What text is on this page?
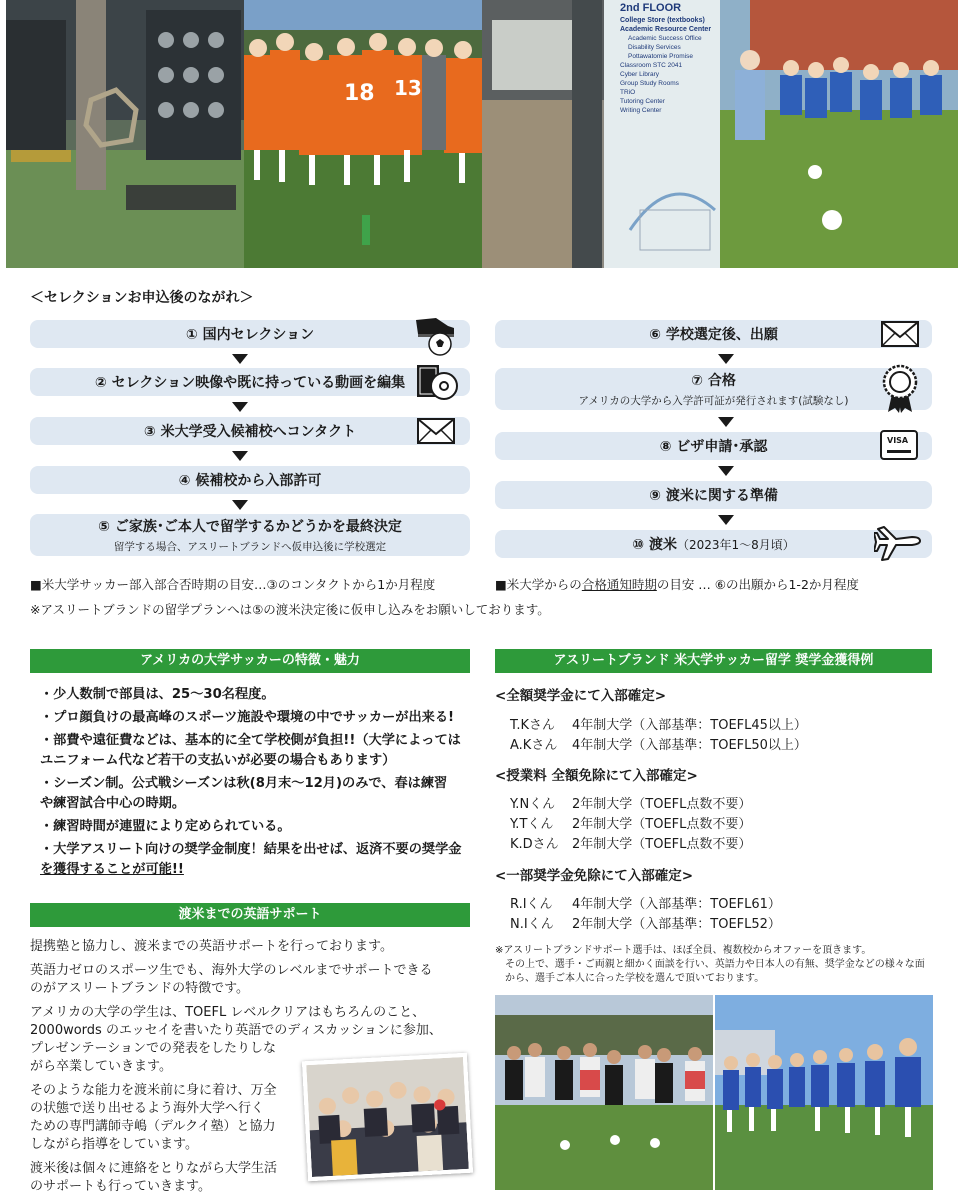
18 13
2nd FLOOR
College Store (textbooks)
Academic Resource Center
Academic Success Office
Disability Services
Pottawatomie Promise
Classroom STC 2041
Cyber Library
Group Study Rooms
TRiO
Tutoring Center
Writing Center
＜セレクションお申込後のながれ＞
① 国内セレクション
② セレクション映像や既に持っている動画を編集
③ 米大学受入候補校へコンタクト
④ 候補校から入部許可
⑤ ご家族･ご本人で留学するかどうかを最終決定
留学する場合、アスリートブランドへ仮申込後に学校選定
⑥ 学校選定後、出願
⑦ 合格
アメリカの大学から入学許可証が発行されます(試験なし)
⑧ ビザ申請･承認
⑨ 渡米に関する準備
⑩ 渡米 （2023年1～8月頃）
VISA
■米大学サッカー部入部合否時期の目安…③のコンタクトから1か月程度	■米大学からの合格通知時期の目安 … ⑥の出願から1-2か月程度
※アスリートブランドの留学プランへは⑤の渡米決定後に仮申し込みをお願いしております。
アメリカの大学サッカーの特徴・魅力
・少人数制で部員は、25～30名程度。
・プロ顔負けの最高峰のスポーツ施設や環境の中でサッカーが出来る!
・部費や遠征費などは、基本的に全て学校側が負担!!（大学によっては
ユニフォーム代など若干の支払いが必要の場合もあります）
・シーズン制。公式戦シーズンは秋(8月末～12月)のみで、春は練習
や練習試合中心の時期。
・練習時間が連盟により定められている。
・大学アスリート向けの奨学金制度！結果を出せば、返済不要の奨学金
を獲得することが可能!!
渡米までの英語サポート
提携塾と協力し、渡米までの英語サポートを行っております。
英語力ゼロのスポーツ生でも、海外大学のレベルまでサポートできる
のがアスリートブランドの特徴です。
アメリカの大学の学生は、TOEFL レベルクリアはもちろんのこと、
2000words のエッセイを書いたり英語でのディスカッションに参加、
プレゼンテーションでの発表をしたりしな
がら卒業していきます。
そのような能力を渡米前に身に着け、万全
の状態で送り出せるよう海外大学へ行く
ための専門講師寺嶋（デルクイ塾）と協力
しながら指導をしています。
渡米後は個々に連絡をとりながら大学生活
のサポートも行っていきます。
アスリートブランド 米大学サッカー留学 奨学金獲得例
<全額奨学金にて入部確定>
T.Kさん 4年制大学（入部基準：TOEFL45以上）
A.Kさん 4年制大学（入部基準：TOEFL50以上）
<授業料 全額免除にて入部確定>
Y.Nくん 2年制大学（TOEFL点数不要）
Y.Tくん 2年制大学（TOEFL点数不要）
K.Dさん 2年制大学（TOEFL点数不要）
<一部奨学金免除にて入部確定>
R.Iくん 4年制大学（入部基準：TOEFL61）
N.Iくん 2年制大学（入部基準：TOEFL52）
※アスリートブランドサポート選手は、ほぼ全員、複数校からオファーを頂きます。
その上で、選手・ご両親と細かく面談を行い、英語力や日本人の有無、奨学金などの様々な面
から、選手ご本人に合った学校を選んで頂いております。
